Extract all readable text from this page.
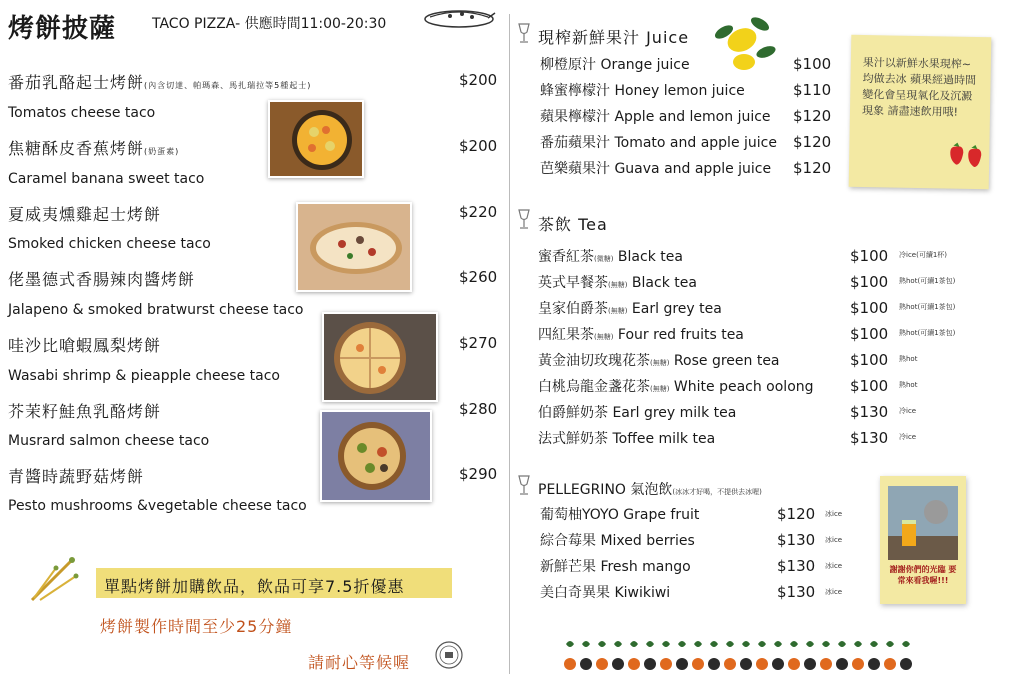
烤餅披薩	TACO PIZZA- 供應時間11:00-20:30
番茄乳酪起士烤餅(內含切達、帕瑪森、馬扎瑞拉等5種起士)	$200
Tomatos cheese taco
焦糖酥皮香蕉烤餅(奶蛋素)	$200
Caramel banana sweet taco
夏威夷燻雞起士烤餅	$220
Smoked chicken cheese taco
佬墨德式香腸辣肉醬烤餅	$260
Jalapeno & smoked bratwurst cheese taco
哇沙比嗆蝦鳳梨烤餅	$270
Wasabi shrimp & pieapple cheese taco
芥茉籽鮭魚乳酪烤餅	$280
Musrard salmon cheese taco
青醬時蔬野菇烤餅	$290
Pesto mushrooms &vegetable cheese taco
單點烤餅加購飲品，飲品可享7.5折優惠
烤餅製作時間至少25分鐘
請耐心等候喔
現榨新鮮果汁 Juice
柳橙原汁 Orange juice	$100
蜂蜜檸檬汁 Honey lemon juice	$110
蘋果檸檬汁 Apple and lemon juice $120
番茄蘋果汁 Tomato and apple juice $120
芭樂蘋果汁 Guava and apple juice $120
果汁以新鮮水果現榨~均做去冰 蘋果經過時間變化會呈現氧化及沉澱現象 請盡速飲用哦!
茶飲 Tea
蜜香紅茶(微糖) Black tea	$100 冷ice(可續1杯)
英式早餐茶(無糖) Black tea	$100 熱hot(可續1茶包)
皇家伯爵茶(無糖) Earl grey tea	$100 熱hot(可續1茶包)
四紅果茶(無糖) Four red fruits tea	$100 熱hot(可續1茶包)
黃金油切玫瑰花茶(無糖) Rose green tea	$100 熱hot
白桃烏龍金盞花茶(無糖) White peach oolong $100 熱hot
伯爵鮮奶茶 Earl grey milk tea	$130 冷ice
法式鮮奶茶 Toffee milk tea	$130 冷ice
PELLEGRINO 氣泡飲(冰冰才好喝，不提供去冰喔)
葡萄柚YOYO Grape fruit	$120 冰ice
綜合莓果 Mixed berries	$130 冰ice
新鮮芒果 Fresh mango	$130 冰ice
美白奇異果 Kiwikiwi	$130 冰ice
謝謝你們的光臨 要常來看我喔!!!
